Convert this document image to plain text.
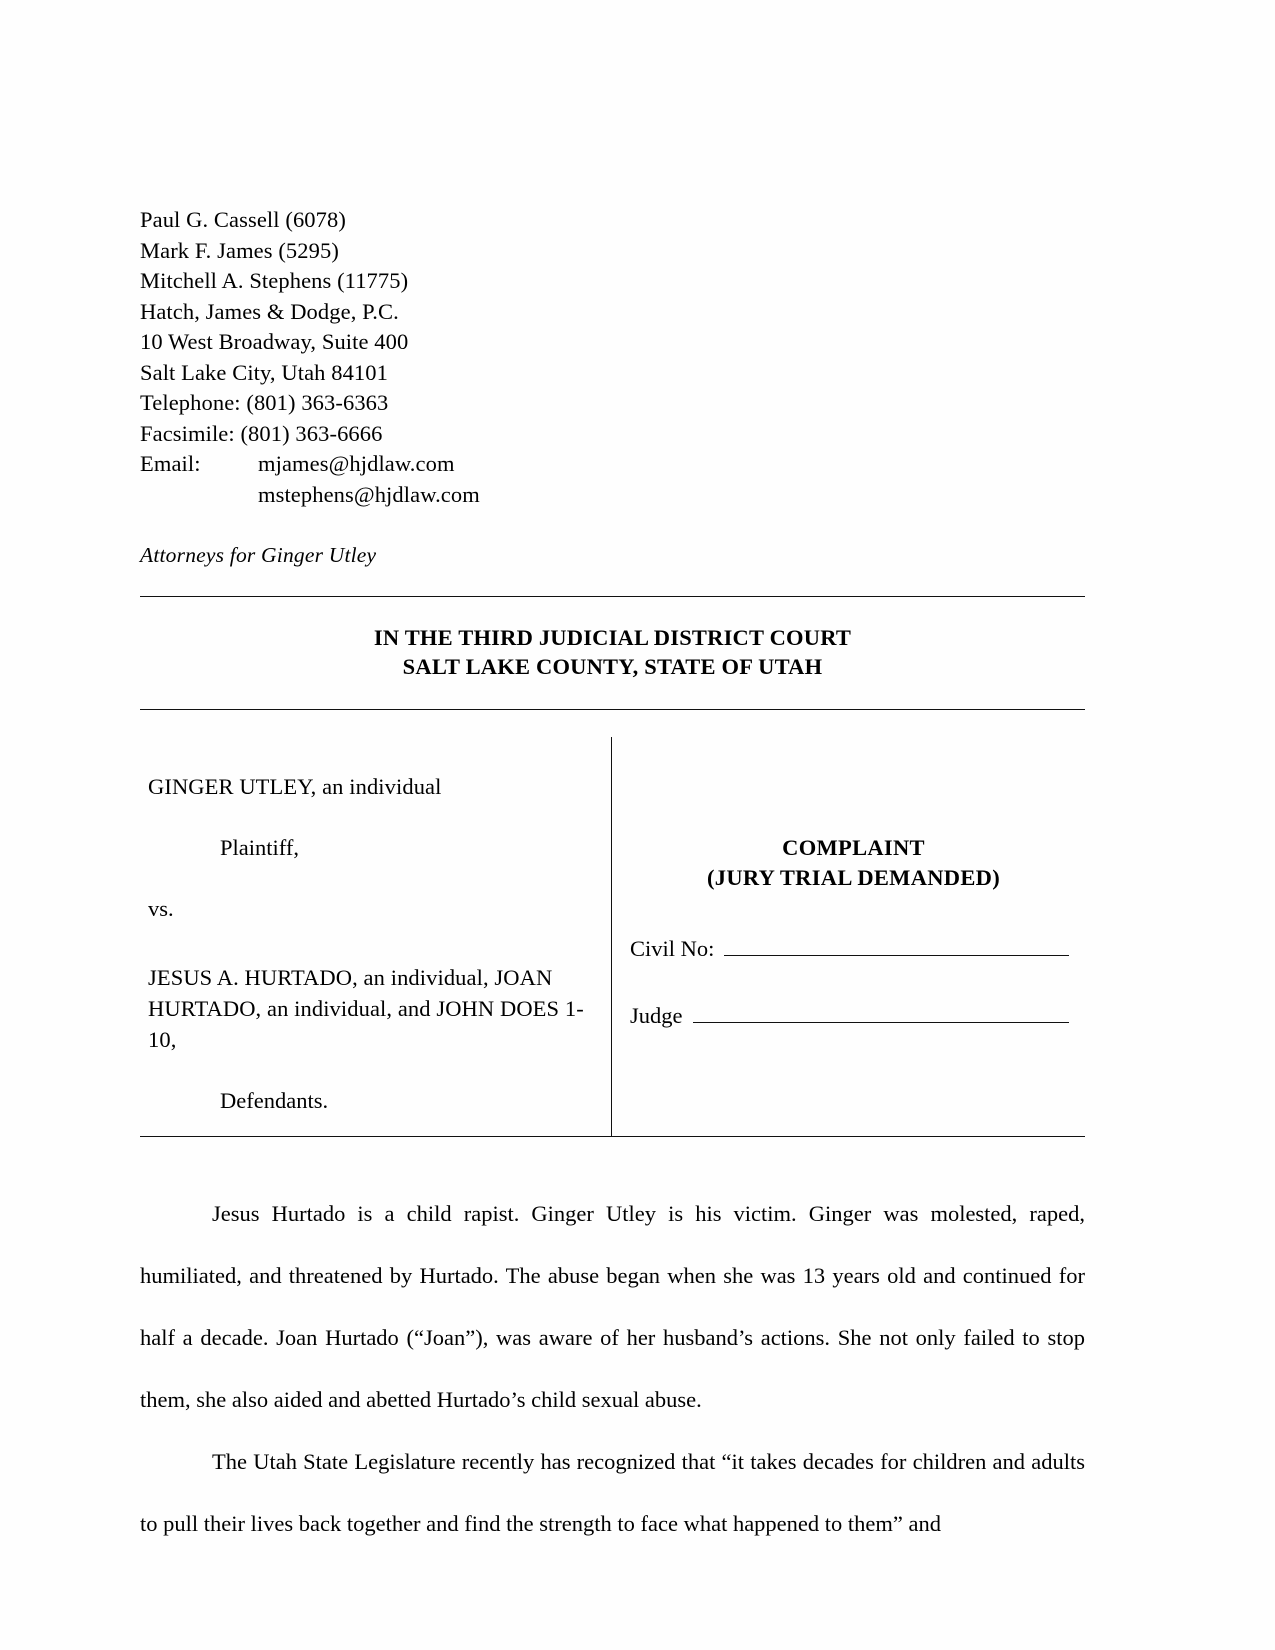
Paul G. Cassell (6078)
Mark F. James (5295)
Mitchell A. Stephens (11775)
Hatch, James & Dodge, P.C.
10 West Broadway, Suite 400
Salt Lake City, Utah 84101
Telephone: (801) 363-6363
Facsimile: (801) 363-6666
Email:	mjames@hjdlaw.com
mstephens@hjdlaw.com
Attorneys for Ginger Utley
IN THE THIRD JUDICIAL DISTRICT COURT
SALT LAKE COUNTY, STATE OF UTAH
GINGER UTLEY, an individual
Plaintiff,
vs.
JESUS A. HURTADO, an individual, JOAN HURTADO, an individual, and JOHN DOES 1-10,
Defendants.
COMPLAINT
(JURY TRIAL DEMANDED)
Civil No:
Judge

Jesus Hurtado is a child rapist. Ginger Utley is his victim. Ginger was molested, raped, humiliated, and threatened by Hurtado. The abuse began when she was 13 years old and continued for half a decade. Joan Hurtado (“Joan”), was aware of her husband’s actions. She not only failed to stop them, she also aided and abetted Hurtado’s child sexual abuse.

The Utah State Legislature recently has recognized that “it takes decades for children and adults to pull their lives back together and find the strength to face what happened to them” and
